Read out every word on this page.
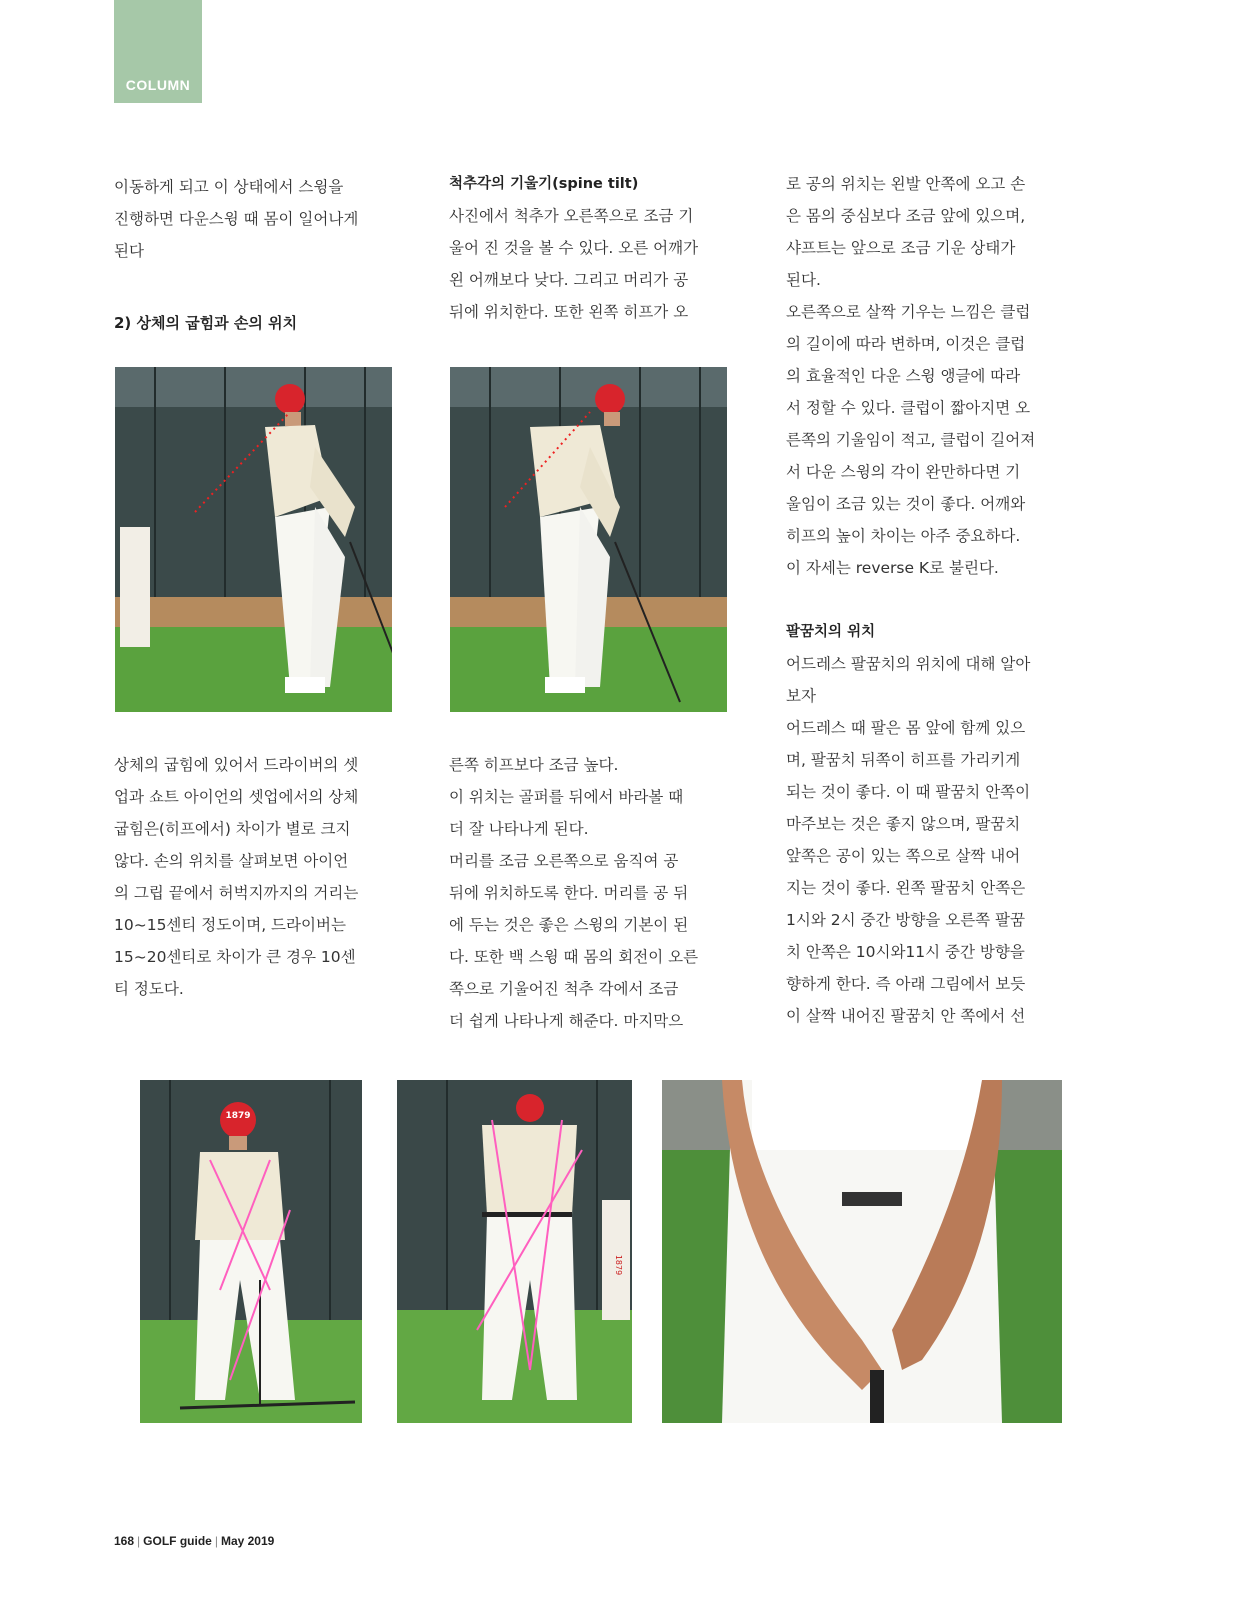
COLUMN

이동하게 되고 이 상태에서 스윙을

진행하면 다운스윙 때 몸이 일어나게

된다

2) 상체의 굽힘과 손의 위치

척추각의 기울기(spine tilt)

사진에서 척추가 오른쪽으로 조금 기

울어 진 것을 볼 수 있다. 오른 어깨가

왼 어깨보다 낮다. 그리고 머리가 공

뒤에 위치한다. 또한 왼쪽 히프가 오

로 공의 위치는 왼발 안쪽에 오고 손

은 몸의 중심보다 조금 앞에 있으며,

샤프트는 앞으로 조금 기운 상태가

된다.

오른쪽으로 살짝 기우는 느낌은 클럽

의 길이에 따라 변하며, 이것은 클럽

의 효율적인 다운 스윙 앵글에 따라

서 정할 수 있다. 클럽이 짧아지면 오

른쪽의 기울임이 적고, 클럽이 길어져

서 다운 스윙의 각이 완만하다면 기

울임이 조금 있는 것이 좋다. 어깨와

히프의 높이 차이는 아주 중요하다.

이 자세는 reverse K로 불린다.

팔꿈치의 위치

어드레스 팔꿈치의 위치에 대해 알아

보자

어드레스 때 팔은 몸 앞에 함께 있으

며, 팔꿈치 뒤쪽이 히프를 가리키게

되는 것이 좋다. 이 때 팔꿈치 안쪽이

마주보는 것은 좋지 않으며, 팔꿈치

앞쪽은 공이 있는 쪽으로 살짝 내어

지는 것이 좋다. 왼쪽 팔꿈치 안쪽은

1시와 2시 중간 방향을 오른쪽 팔꿈

치 안쪽은 10시와11시 중간 방향을

향하게 한다. 즉 아래 그림에서 보듯

이 살짝 내어진 팔꿈치 안 쪽에서 선

상체의 굽힘에 있어서 드라이버의 셋

업과 쇼트 아이언의 셋업에서의 상체

굽힘은(히프에서) 차이가 별로 크지

않다. 손의 위치를 살펴보면 아이언

의 그립 끝에서 허벅지까지의 거리는

10~15센티 정도이며, 드라이버는

15~20센티로 차이가 큰 경우 10센

티 정도다.

른쪽 히프보다 조금 높다.

이 위치는 골퍼를 뒤에서 바라볼 때

더 잘 나타나게 된다.

머리를 조금 오른쪽으로 움직여 공

뒤에 위치하도록 한다. 머리를 공 뒤

에 두는 것은 좋은 스윙의 기본이 된

다. 또한 백 스윙 때 몸의 회전이 오른

쪽으로 기울어진 척추 각에서 조금

더 쉽게 나타나게 해준다. 마지막으

1879
1879
168 | GOLF guide | May 2019
